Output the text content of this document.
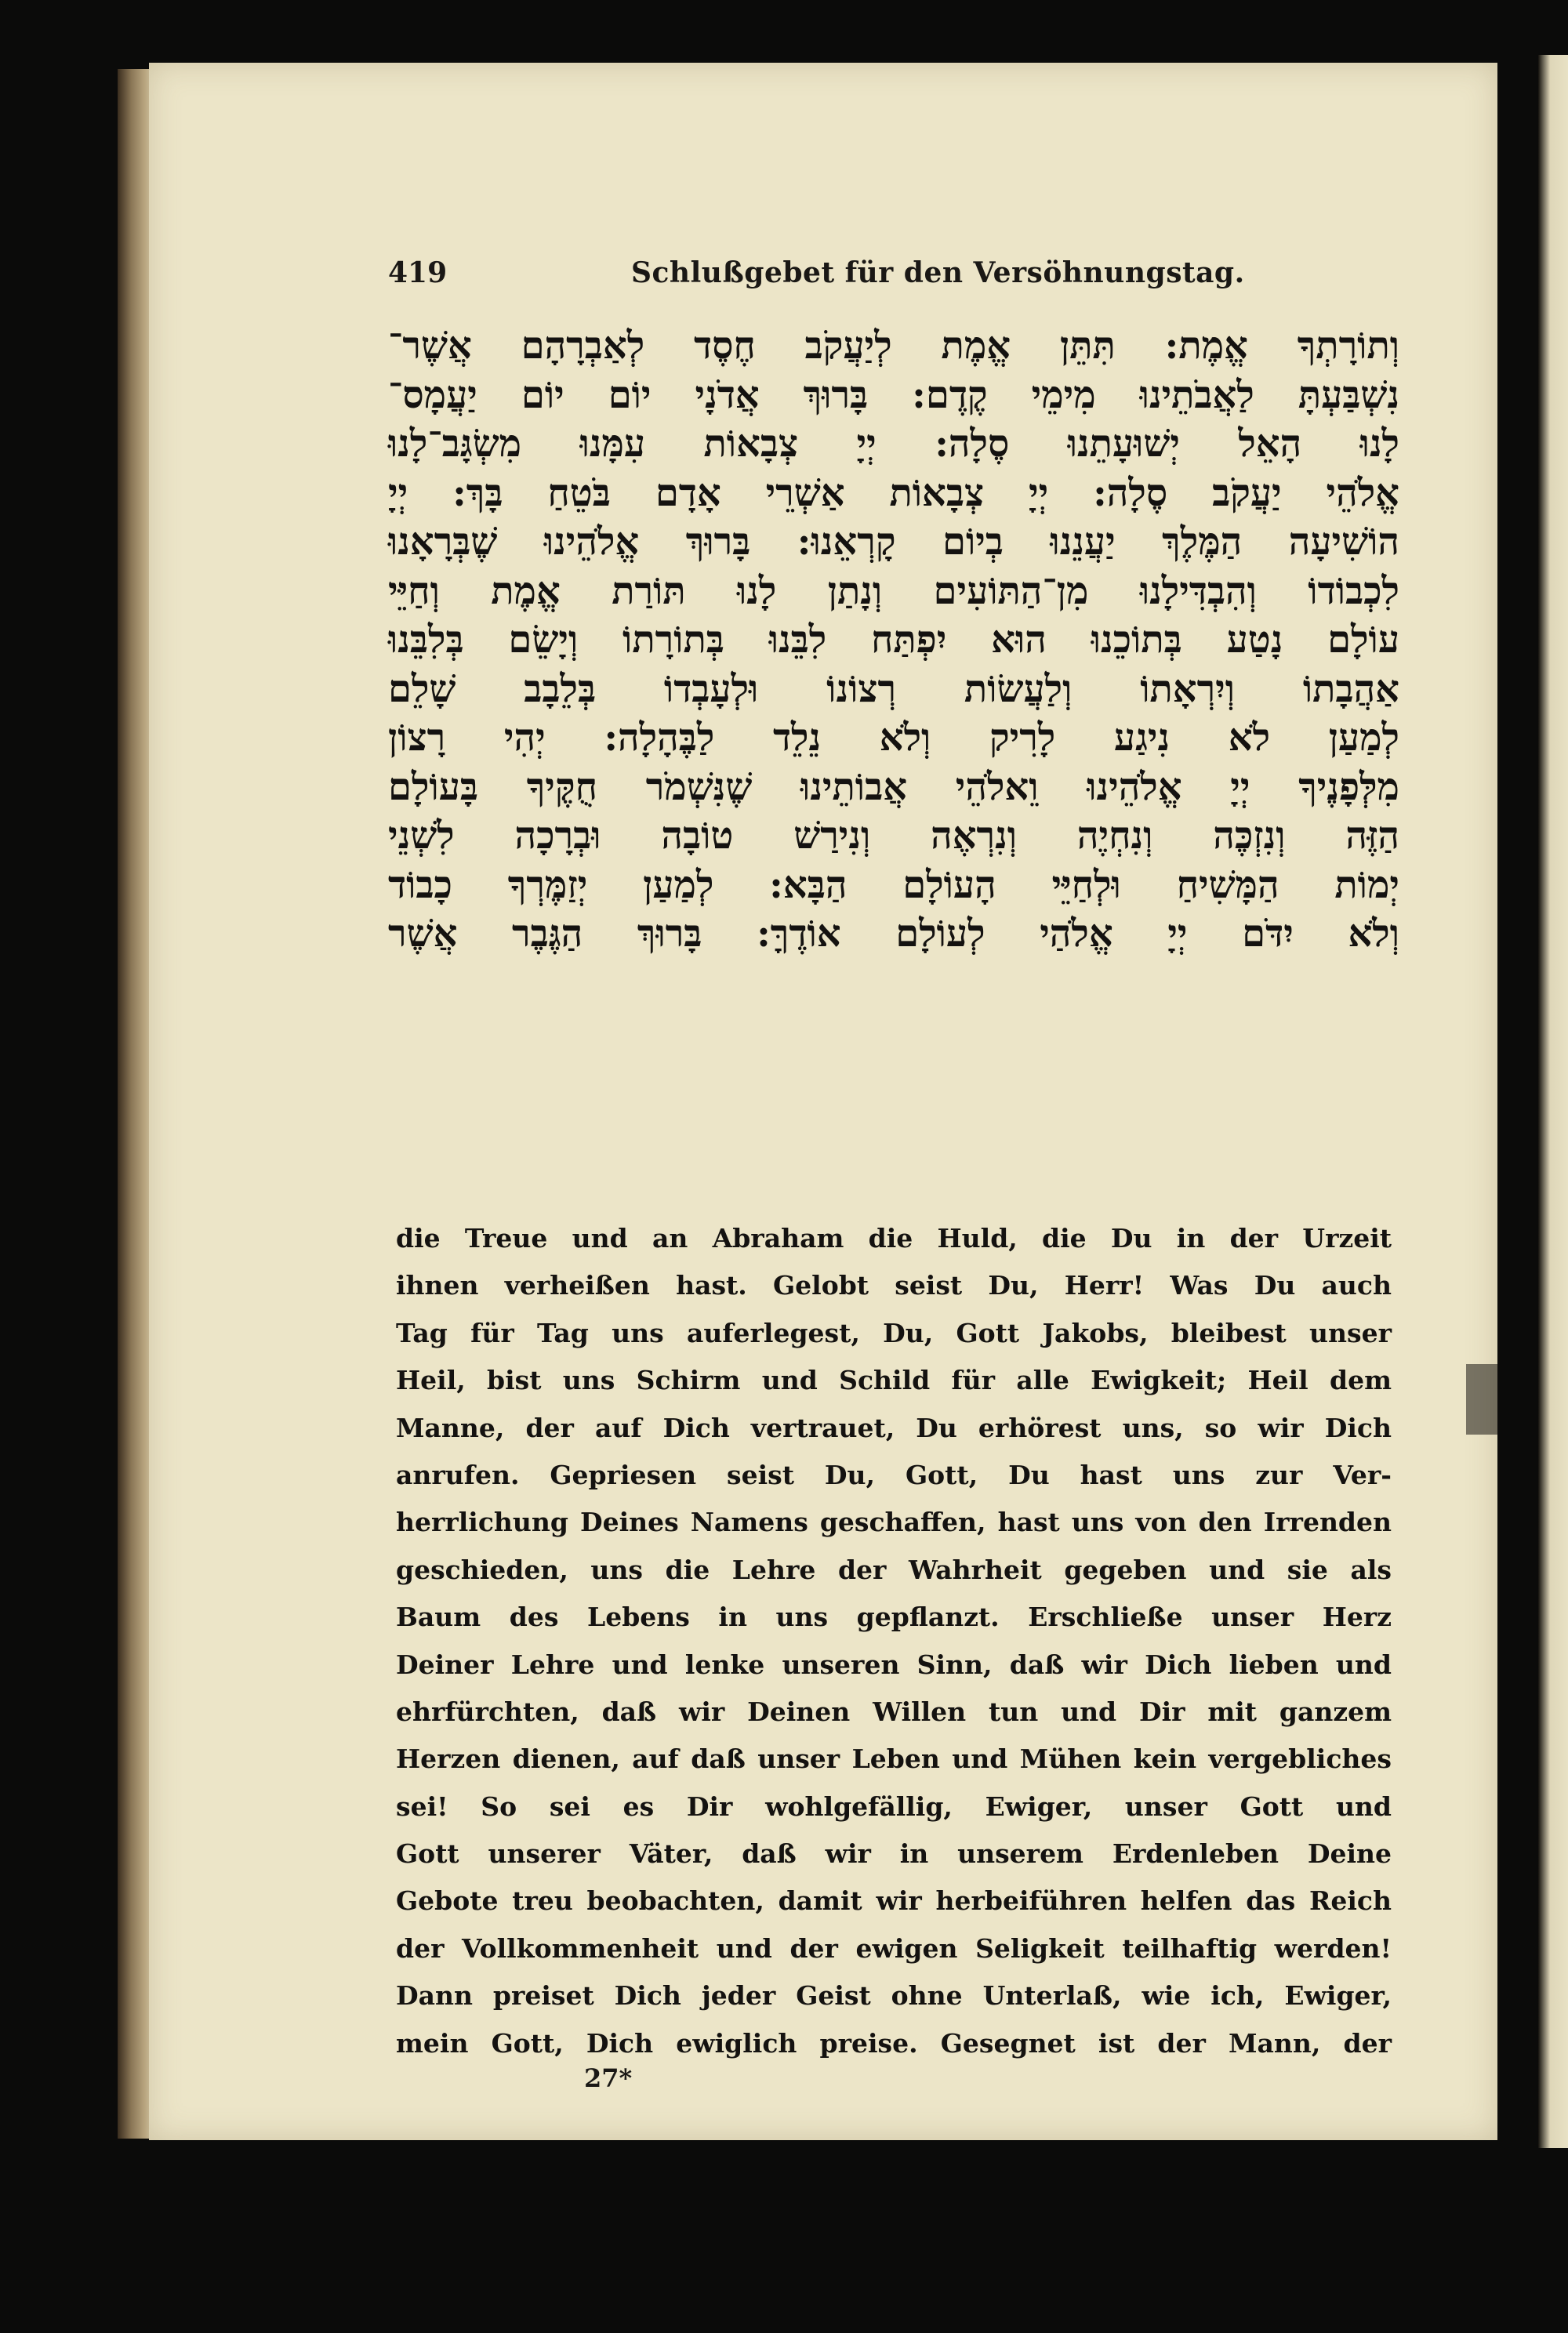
419	Schlußgebet für den Versöhnungstag.
וְתוֹרָתְךָ אֱמֶת: תִּתֵּן אֱמֶת לְיַעֲקֹב חֶסֶד לְאַבְרָהָם אֲשֶׁר־
נִשְׁבַּעְתָּ לַאֲבֹתֵינוּ מִימֵי קֶדֶם: בָּרוּךְ אֲדֹנָי יוֹם יוֹם יַעֲמָס־
לָנוּ הָאֵל יְשׁוּעָתֵנוּ סֶלָה: יְיָ צְבָאוֹת עִמָּנוּ מִשְׂגָּב־לָנוּ
אֱלֹהֵי יַעֲקֹב סֶלָה: יְיָ צְבָאוֹת אַשְׁרֵי אָדָם בֹּטֵחַ בָּךְ: יְיָ
הוֹשִׁיעָה הַמֶּלֶךְ יַעֲנֵנוּ בְיוֹם קָרְאֵנוּ: בָּרוּךְ אֱלֹהֵינוּ שֶׁבְּרָאָנוּ
לִכְבוֹדוֹ וְהִבְדִּילָנוּ מִן־הַתּוֹעִים וְנָתַן לָנוּ תּוֹרַת אֱמֶת וְחַיֵּי
עוֹלָם נָטַע בְּתוֹכֵנוּ הוּא יִפְתַּח לִבֵּנוּ בְּתוֹרָתוֹ וְיָשֵׂם בְּלִבֵּנוּ
אַהֲבָתוֹ וְיִרְאָתוֹ וְלַעֲשׂוֹת רְצוֹנוֹ וּלְעָבְדוֹ בְּלֵבָב שָׁלֵם
לְמַעַן לֹא נִיגַע לָרִיק וְלֹא נֵלֵד לַבֶּהָלָה: יְהִי רָצוֹן
מִלְּפָנֶיךָ יְיָ אֱלֹהֵינוּ וֵאלֹהֵי אֲבוֹתֵינוּ שֶׁנִּשְׁמֹר חֻקֶּיךָ בָּעוֹלָם
הַזֶּה וְנִזְכֶּה וְנִחְיֶה וְנִרְאֶה וְנִירַשׁ טוֹבָה וּבְרָכָה לִשְׁנֵי
יְמוֹת הַמָּשִׁיחַ וּלְחַיֵּי הָעוֹלָם הַבָּא: לְמַעַן יְזַמֶּרְךָ כָבוֹד
וְלֹא יִדֹּם יְיָ אֱלֹהַי לְעוֹלָם אוֹדֶךָּ: בָּרוּךְ הַגֶּבֶר אֲשֶׁר
die Treue und an Abraham die Huld, die Du in der Urzeit
ihnen verheißen hast. Gelobt seist Du, Herr! Was Du auch
Tag für Tag uns auferlegest, Du, Gott Jakobs, bleibest unser
Heil, bist uns Schirm und Schild für alle Ewigkeit; Heil dem
Manne, der auf Dich vertrauet, Du erhörest uns, so wir Dich
anrufen. Gepriesen seist Du, Gott, Du hast uns zur Ver-
herrlichung Deines Namens geschaffen, hast uns von den Irrenden
geschieden, uns die Lehre der Wahrheit gegeben und sie als
Baum des Lebens in uns gepflanzt. Erschließe unser Herz
Deiner Lehre und lenke unseren Sinn, daß wir Dich lieben und
ehrfürchten, daß wir Deinen Willen tun und Dir mit ganzem
Herzen dienen, auf daß unser Leben und Mühen kein vergebliches
sei! So sei es Dir wohlgefällig, Ewiger, unser Gott und
Gott unserer Väter, daß wir in unserem Erdenleben Deine
Gebote treu beobachten, damit wir herbeiführen helfen das Reich
der Vollkommenheit und der ewigen Seligkeit teilhaftig werden!
Dann preiset Dich jeder Geist ohne Unterlaß, wie ich, Ewiger,
mein Gott, Dich ewiglich preise. Gesegnet ist der Mann, der
27*
